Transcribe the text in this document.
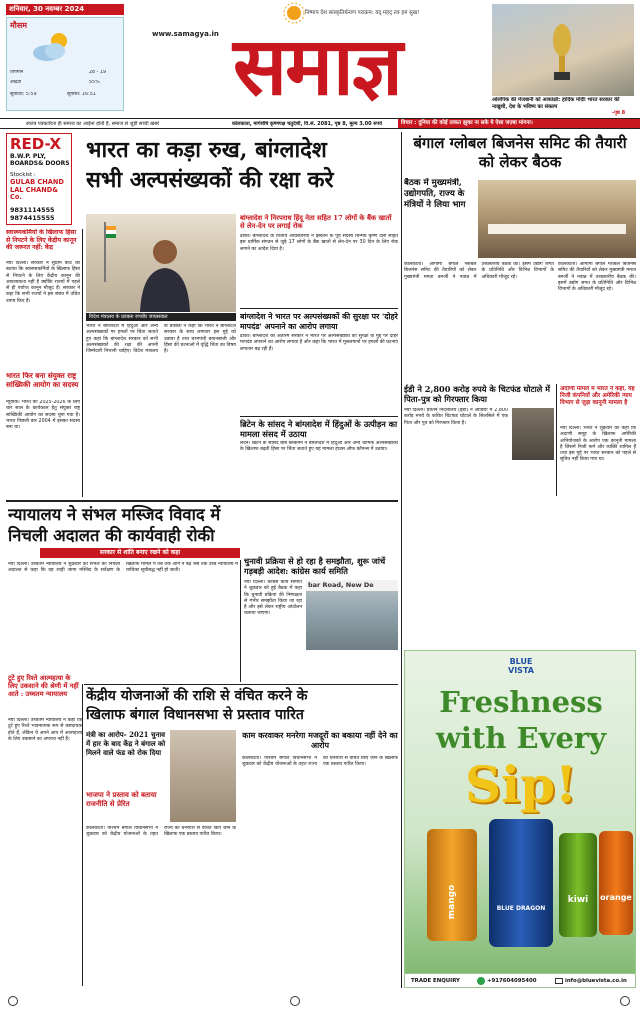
शनिवार, 30 नवम्बर 2024
मौसम
तापमान	28 - 19
आर्द्रता	55%
सूर्योदय: 5:59	सूर्यास्त: 16:51
www.samagya.in
निष्पाप देश सांस्कृतिर्धनाण पराक्रम: यद् महद् तत्र हम सुख!
समाज्ञ	ओलंपिक की मेजबानी को आकांक्षी: हार्दिक मोदीः भारत सरकार की नाखुशी, देश के भविष्य का संकल्प
-पृष्ठ 8
स्वतंत्र पत्रकारिता ही समाज का आईना होती है, समाज से जुड़ी सच्ची ख़बरें	कोलकाता, मार्गशीर्ष कृष्णपक्ष चतुर्दशी, वि.सं. 2081, पृष्ठ 8, मूल्य 3.00 रुपये	विचार : दुनिया की कोई ताकत झुका ना सके ये ऐसा जज़्बा मांगना।
RED-X
B.W.P. PLY,
BOARDS& DOORS
Stockist :
GULAB CHAND LAL CHAND& Co.
9831114555
9874415555
स्वास्थ्यकर्मियों के खिलाफ हिंसा से निपटने के लिए केंद्रीय कानून की जरूरत नहीं: केंद्र
नयी दिल्ली। सरकार ने सुप्रीम कोर्ट को बताया कि स्वास्थ्यकर्मियों के खिलाफ हिंसा से निपटने के लिए केंद्रीय कानून की आवश्यकता नहीं है क्योंकि राज्यों में पहले से ही पर्याप्त कानून मौजूद हैं। सरकार ने कहा कि सभी राज्यों ने इस संबंध में उचित उपाय किए हैं।
भारत फिर बना संयुक्त राष्ट्र सांख्यिकी आयोग का सदस्य
न्यूयार्क। भारत को 2025-2026 के लिए चार साल के कार्यकाल हेतु संयुक्त राष्ट्र सांख्यिकी आयोग का सदस्य चुना गया है। भारत पिछली बार 2004 में इसका सदस्य बना था।
भारत का कड़ा रुख, बांग्लादेश
सभी अल्पसंख्यकों की रक्षा करे
विदेश मंत्रालय के प्रवक्ता रणधीर जायसवाल
भारत ने बांग्लादेश में हिंदुओं और अन्य अल्पसंख्यकों पर हमलों पर चिंता जताते हुए कहा कि बांग्लादेश सरकार को सभी अल्पसंख्यकों की रक्षा की अपनी जिम्मेदारी निभानी चाहिए। विदेश मंत्रालय के प्रवक्ता ने कहा कि भारत ने बांग्लादेश सरकार के साथ लगातार इस मुद्दे को उठाया है तथा चरमपंथी बयानबाजी और हिंसा की घटनाओं में वृद्धि चिंता का विषय है।
बांग्लादेश ने निरपराध हिंदू नेता सहित 17 लोगों के बैंक खातों से लेन-देन पर लगाई रोक
ढाका। बांग्लादेश के वित्तीय अधिकारियों ने इस्कॉन के पूर्व सदस्य चिन्मय कृष्ण दास सहित इस धार्मिक संगठन से जुड़े 17 लोगों के बैंक खातों से लेन-देन पर 30 दिन के लिए रोक लगाने का आदेश दिया है।
बांग्लादेश ने भारत पर अल्पसंख्यकों की सुरक्षा पर 'दोहरे मापदंड' अपनाने का आरोप लगाया
ढाका। बांग्लादेश की अंतरिम सरकार ने भारत पर अल्पसंख्यकों की सुरक्षा के मुद्दे पर दोहरे मापदंड अपनाने का आरोप लगाया है और कहा कि भारत में मुसलमानों पर हमलों की घटनाएं लगातार बढ़ रही हैं।
ब्रिटेन के सांसद ने बांग्लादेश में हिंदुओं के उत्पीड़न का मामला संसद में उठाया
लंदन। ब्रिटेन के सांसद बॉब ब्लैकमैन ने बांग्लादेश में हिंदुओं और अन्य धार्मिक अल्पसंख्यकों के खिलाफ बढ़ती हिंसा पर चिंता जताते हुए यह मामला हाउस ऑफ कॉमन्स में उठाया।
बंगाल ग्लोबल बिजनेस समिट की तैयारी को लेकर बैठक
बैठक में मुख्यमंत्री, उद्योगपति, राज्य के मंत्रियों ने लिया भाग
कोलकाता। आगामी बंगाल ग्लोबल बिजनेस समिट की तैयारियों को लेकर मुख्यमंत्री ममता बनर्जी ने नवान्न में उच्चस्तरीय बैठक की। इसमें उद्योग जगत के प्रतिनिधि और विभिन्न विभागों के अधिकारी मौजूद रहे।
कोलकाता। आगामी बंगाल ग्लोबल बिजनेस समिट की तैयारियों को लेकर मुख्यमंत्री ममता बनर्जी ने नवान्न में उच्चस्तरीय बैठक की। इसमें उद्योग जगत के प्रतिनिधि और विभिन्न विभागों के अधिकारी मौजूद रहे।
ईडी ने 2,800 करोड़ रुपये के चिटफंड घोटाले में पिता-पुत्र को गिरफ्तार किया
नयी दिल्ली। प्रवर्तन निदेशालय (ईडी) ने ओडिशा में 2,800 करोड़ रुपये के कथित चिटफंड घोटाले के सिलसिले में एक पिता और पुत्र को गिरफ्तार किया है।
अदाणी मामले में भारत ने कहा, यह निजी कंपनियों और अमेरिकी न्याय विभाग से जुड़ा कानूनी मामला है
नयी दिल्ली। भारत ने शुक्रवार को कहा कि अदाणी समूह के खिलाफ अमेरिकी अभियोजकों के आरोप एक कानूनी मामला है जिसमें निजी फर्म और व्यक्ति शामिल हैं तथा इस मुद्दे पर भारत सरकार को पहले से सूचित नहीं किया गया था।
न्यायालय ने संभल मस्जिद विवाद में
निचली अदालत की कार्यवाही रोकी
सरकार से शांति बनाए रखने को कहा
नयी दिल्ली। उच्चतम न्यायालय ने शुक्रवार को संभल की निचली अदालत से कहा कि वह शाही जामा मस्जिद के सर्वेक्षण के खिलाफ मामले में तब तक आगे न बढ़े जब तक उच्च न्यायालय में याचिका सूचीबद्ध नहीं हो जाती।
टूटे हुए रिश्ते आत्महत्या के लिए उकसाने की श्रेणी में नहीं आते : उच्चतम न्यायालय
नयी दिल्ली। उच्चतम न्यायालय ने कहा कि टूटे हुए रिश्ते भावनात्मक रूप से कष्टदायक होते हैं, लेकिन ये अपने आप में आत्महत्या के लिए उकसाने का अपराध नहीं हैं।
चुनावी प्रक्रिया से हो रहा है समझौता, शुरू जांचें गड़बड़ी आदेश: कांग्रेस कार्य समिति
bar Road, New De
नयी दिल्ली। कांग्रेस कार्य समिति ने शुक्रवार को हुई बैठक में कहा कि चुनावी प्रक्रिया की निष्पक्षता से गंभीर समझौता किया जा रहा है और इसे लेकर राष्ट्रीय आंदोलन चलाया जाएगा।
केंद्रीय योजनाओं की राशि से वंचित करने के
खिलाफ बंगाल विधानसभा से प्रस्ताव पारित
मंत्री का आरोप- 2021 चुनाव में हार के बाद केंद्र ने बंगाल को मिलने वाले फंड को रोक दिया
भाजपा ने प्रस्ताव को बताया राजनीति से प्रेरित
कोलकाता। पश्चिम बंगाल विधानसभा ने शुक्रवार को केंद्रीय योजनाओं के तहत राज्य को धनराशि से वंचित किए जाने के खिलाफ एक प्रस्ताव पारित किया।
काम करवाकर मनरेगा मजदूरों का बकाया नहीं देने का आरोप
कोलकाता। पश्चिम बंगाल विधानसभा ने शुक्रवार को केंद्रीय योजनाओं के तहत राज्य को धनराशि से वंचित किए जाने के खिलाफ एक प्रस्ताव पारित किया।
BLUE
VISTA
Freshness
with Every
Sip!
mango	BLUE DRAGON
kiwi	orange
TRADE ENQUIRY	+917604095400	info@bluevista.co.in
